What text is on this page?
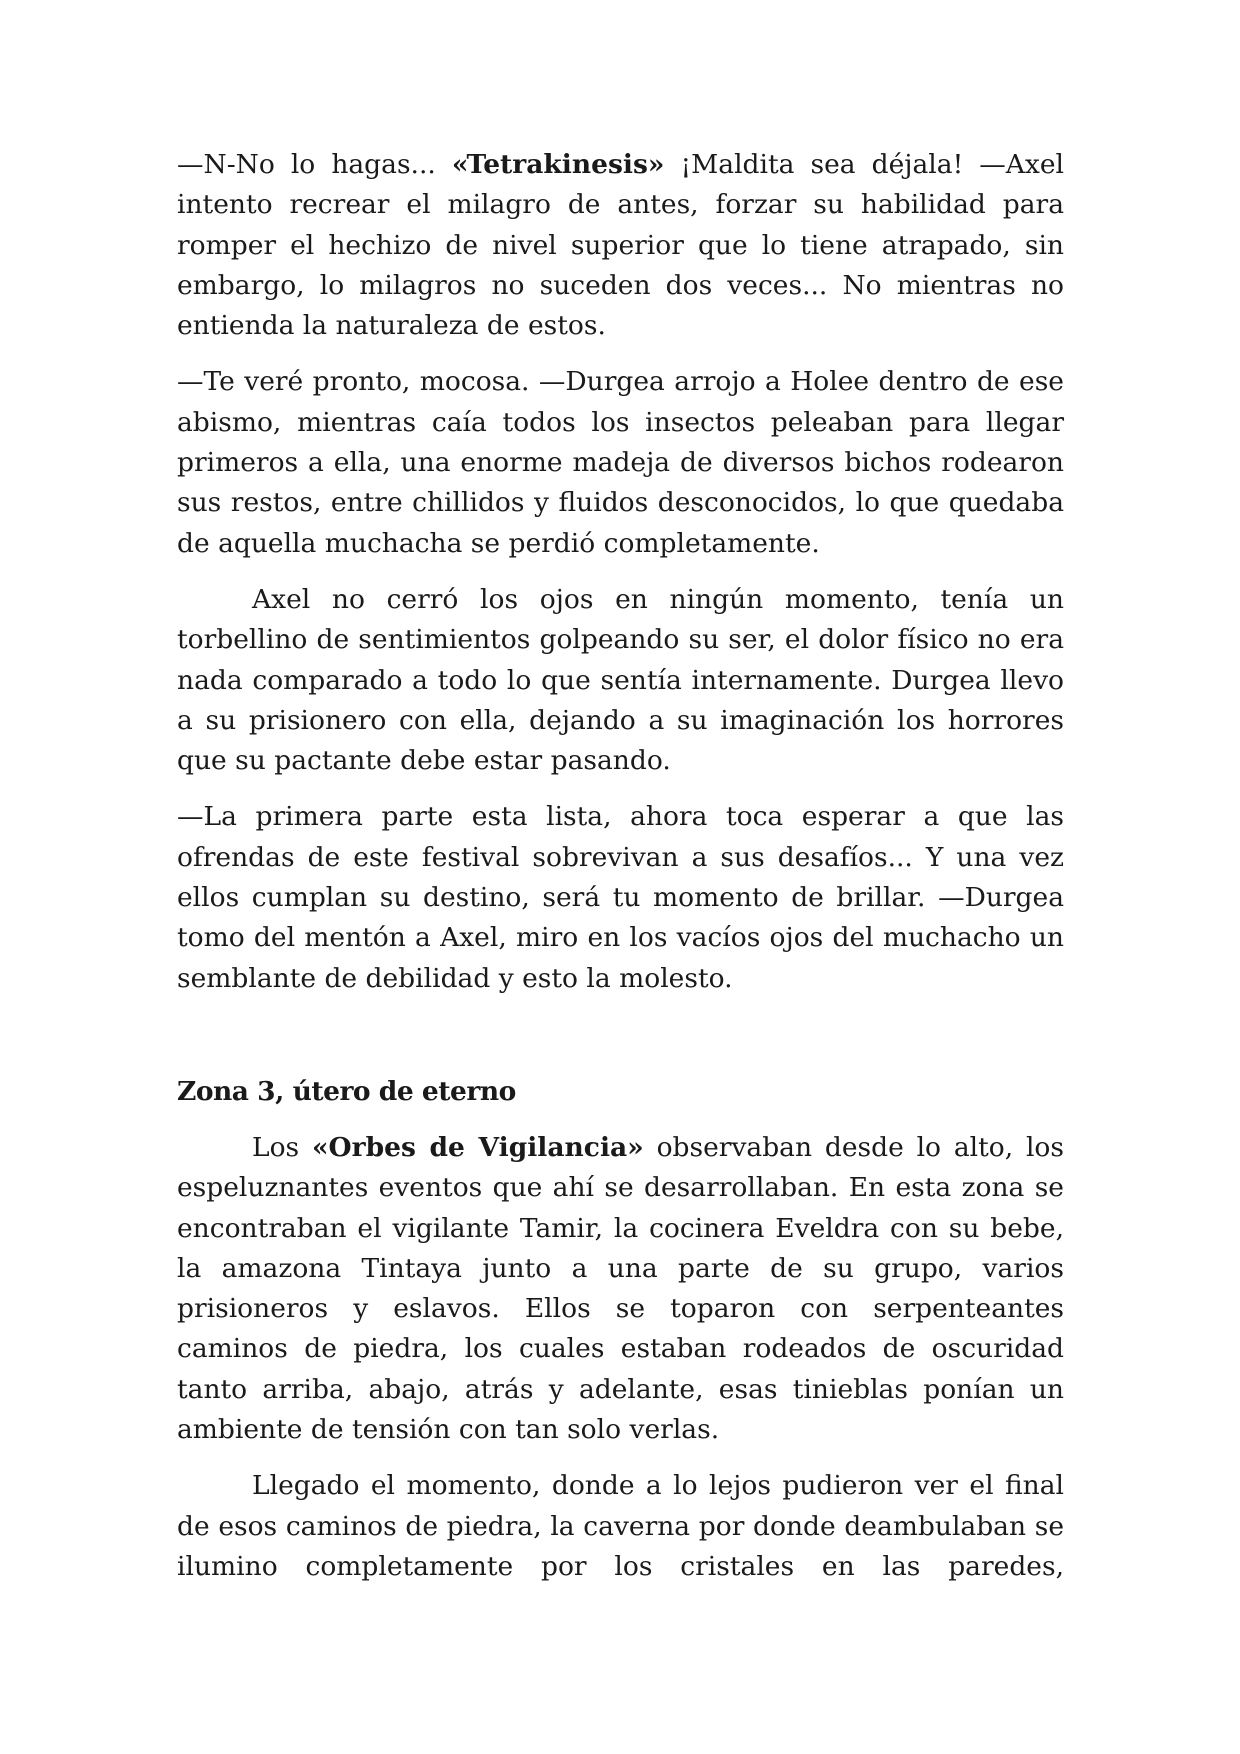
—N-No lo hagas... «Tetrakinesis» ¡Maldita sea déjala! —Axel intento recrear el milagro de antes, forzar su habilidad para romper el hechizo de nivel superior que lo tiene atrapado, sin embargo, lo milagros no suceden dos veces... No mientras no entienda la naturaleza de estos.

—Te veré pronto, mocosa. —Durgea arrojo a Holee dentro de ese abismo, mientras caía todos los insectos peleaban para llegar primeros a ella, una enorme madeja de diversos bichos rodearon sus restos, entre chillidos y fluidos desconocidos, lo que quedaba de aquella muchacha se perdió completamente.

Axel no cerró los ojos en ningún momento, tenía un torbellino de sentimientos golpeando su ser, el dolor físico no era nada comparado a todo lo que sentía internamente. Durgea llevo a su prisionero con ella, dejando a su imaginación los horrores que su pactante debe estar pasando.

—La primera parte esta lista, ahora toca esperar a que las ofrendas de este festival sobrevivan a sus desafíos... Y una vez ellos cumplan su destino, será tu momento de brillar. —Durgea tomo del mentón a Axel, miro en los vacíos ojos del muchacho un semblante de debilidad y esto la molesto.

Zona 3, útero de eterno

Los «Orbes de Vigilancia» observaban desde lo alto, los espeluznantes eventos que ahí se desarrollaban. En esta zona se encontraban el vigilante Tamir, la cocinera Eveldra con su bebe, la amazona Tintaya junto a una parte de su grupo, varios prisioneros y eslavos. Ellos se toparon con serpenteantes caminos de piedra, los cuales estaban rodeados de oscuridad tanto arriba, abajo, atrás y adelante, esas tinieblas ponían un ambiente de tensión con tan solo verlas.

Llegado el momento, donde a lo lejos pudieron ver el final de esos caminos de piedra, la caverna por donde deambulaban se ilumino completamente por los cristales en las paredes,
